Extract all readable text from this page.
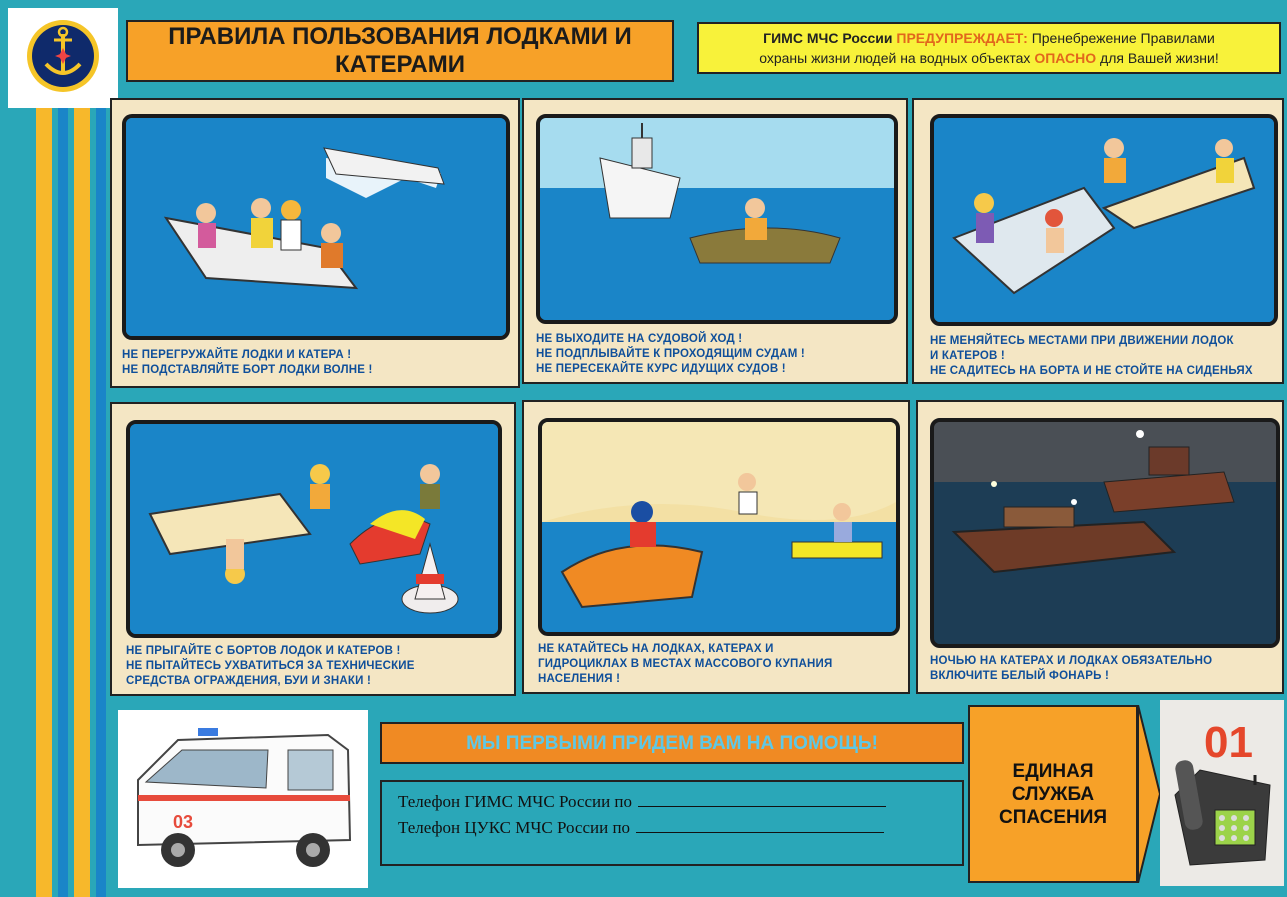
ПРАВИЛА ПОЛЬЗОВАНИЯ ЛОДКАМИ И
КАТЕРАМИ
ГИМС МЧС России ПРЕДУПРЕЖДАЕТ: Пренебрежение Правилами
охраны жизни людей на водных объектах ОПАСНО для Вашей жизни!
НЕ ПЕРЕГРУЖАЙТЕ ЛОДКИ И КАТЕРА !
НЕ ПОДСТАВЛЯЙТЕ БОРТ ЛОДКИ ВОЛНЕ !
НЕ ВЫХОДИТЕ НА СУДОВОЙ ХОД !
НЕ ПОДПЛЫВАЙТЕ К ПРОХОДЯЩИМ СУДАМ !
НЕ ПЕРЕСЕКАЙТЕ КУРС ИДУЩИХ СУДОВ !
НЕ МЕНЯЙТЕСЬ МЕСТАМИ ПРИ ДВИЖЕНИИ ЛОДОК
И КАТЕРОВ !
НЕ САДИТЕСЬ НА БОРТА И НЕ СТОЙТЕ НА СИДЕНЬЯХ
НЕ ПРЫГАЙТЕ С БОРТОВ ЛОДОК И КАТЕРОВ !
НЕ ПЫТАЙТЕСЬ УХВАТИТЬСЯ ЗА ТЕХНИЧЕСКИЕ
СРЕДСТВА ОГРАЖДЕНИЯ, БУИ И ЗНАКИ !
НЕ КАТАЙТЕСЬ НА ЛОДКАХ, КАТЕРАХ И
ГИДРОЦИКЛАХ В МЕСТАХ МАССОВОГО КУПАНИЯ
НАСЕЛЕНИЯ !
НОЧЬЮ НА КАТЕРАХ И ЛОДКАХ ОБЯЗАТЕЛЬНО
ВКЛЮЧИТЕ БЕЛЫЙ ФОНАРЬ !
03
МЫ ПЕРВЫМИ ПРИДЕМ ВАМ НА ПОМОЩЬ!
Телефон ГИМС МЧС России по
Телефон ЦУКС МЧС России по
ЕДИНАЯ
СЛУЖБА
СПАСЕНИЯ
01
